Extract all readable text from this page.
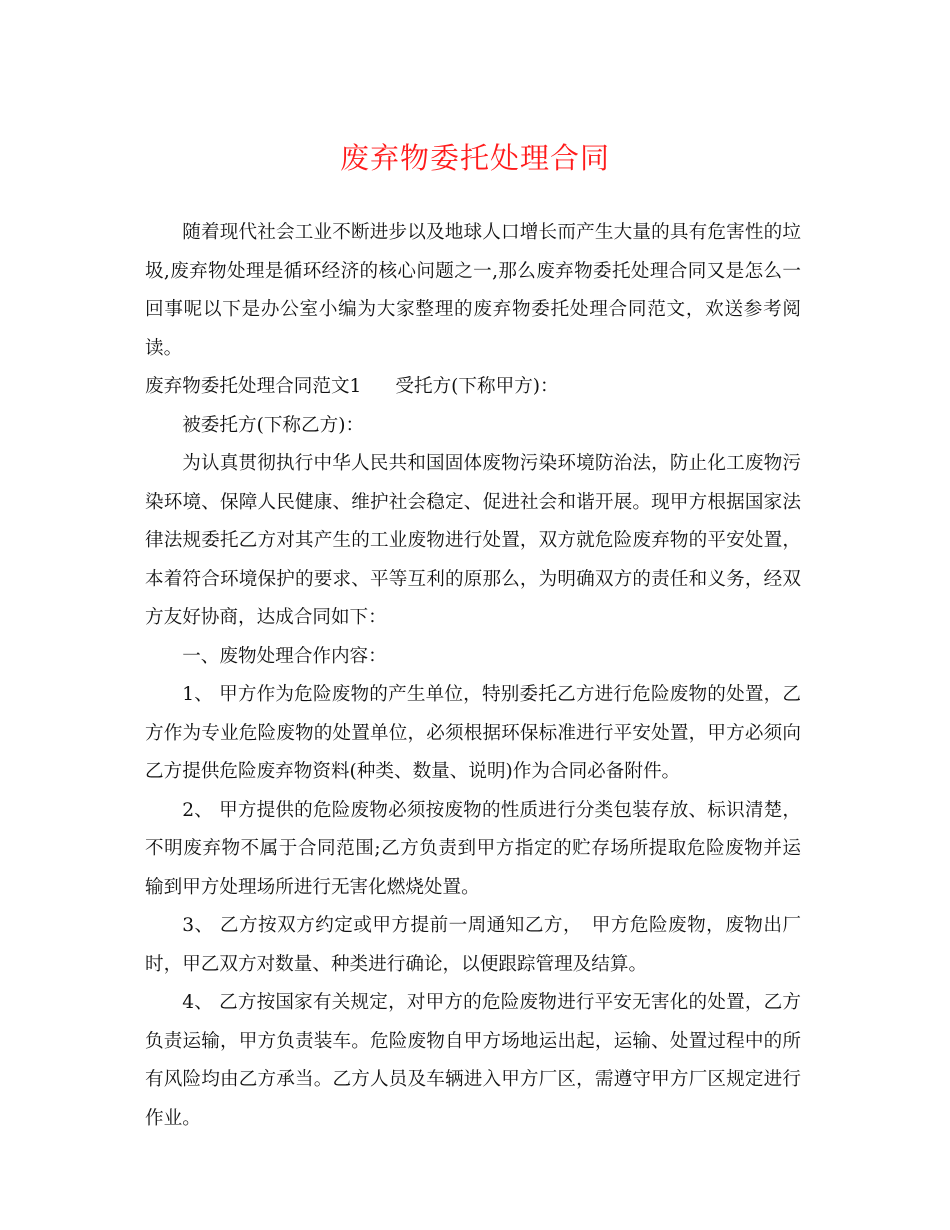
废弃物委托处理合同

随着现代社会工业不断进步以及地球人口增长而产生大量的具有危害性的垃圾,废弃物处理是循环经济的核心问题之一,那么废弃物委托处理合同又是怎么一回事呢以下是办公室小编为大家整理的废弃物委托处理合同范文，欢送参考阅读。

废弃物委托处理合同范文1 受托方(下称甲方)：

被委托方(下称乙方)：

为认真贯彻执行中华人民共和国固体废物污染环境防治法，防止化工废物污染环境、保障人民健康、维护社会稳定、促进社会和谐开展。现甲方根据国家法律法规委托乙方对其产生的工业废物进行处置，双方就危险废弃物的平安处置，本着符合环境保护的要求、平等互利的原那么，为明确双方的责任和义务，经双方友好协商，达成合同如下：

一、废物处理合作内容：

1、 甲方作为危险废物的产生单位，特别委托乙方进行危险废物的处置，乙方作为专业危险废物的处置单位，必须根据环保标准进行平安处置，甲方必须向乙方提供危险废弃物资料(种类、数量、说明)作为合同必备附件。

2、 甲方提供的危险废物必须按废物的性质进行分类包装存放、标识清楚，不明废弃物不属于合同范围;乙方负责到甲方指定的贮存场所提取危险废物并运输到甲方处理场所进行无害化燃烧处置。

3、 乙方按双方约定或甲方提前一周通知乙方，　甲方危险废物，废物出厂时，甲乙双方对数量、种类进行确论，以便跟踪管理及结算。

4、 乙方按国家有关规定，对甲方的危险废物进行平安无害化的处置，乙方负责运输，甲方负责装车。危险废物自甲方场地运出起，运输、处置过程中的所有风险均由乙方承当。乙方人员及车辆进入甲方厂区，需遵守甲方厂区规定进行作业。
